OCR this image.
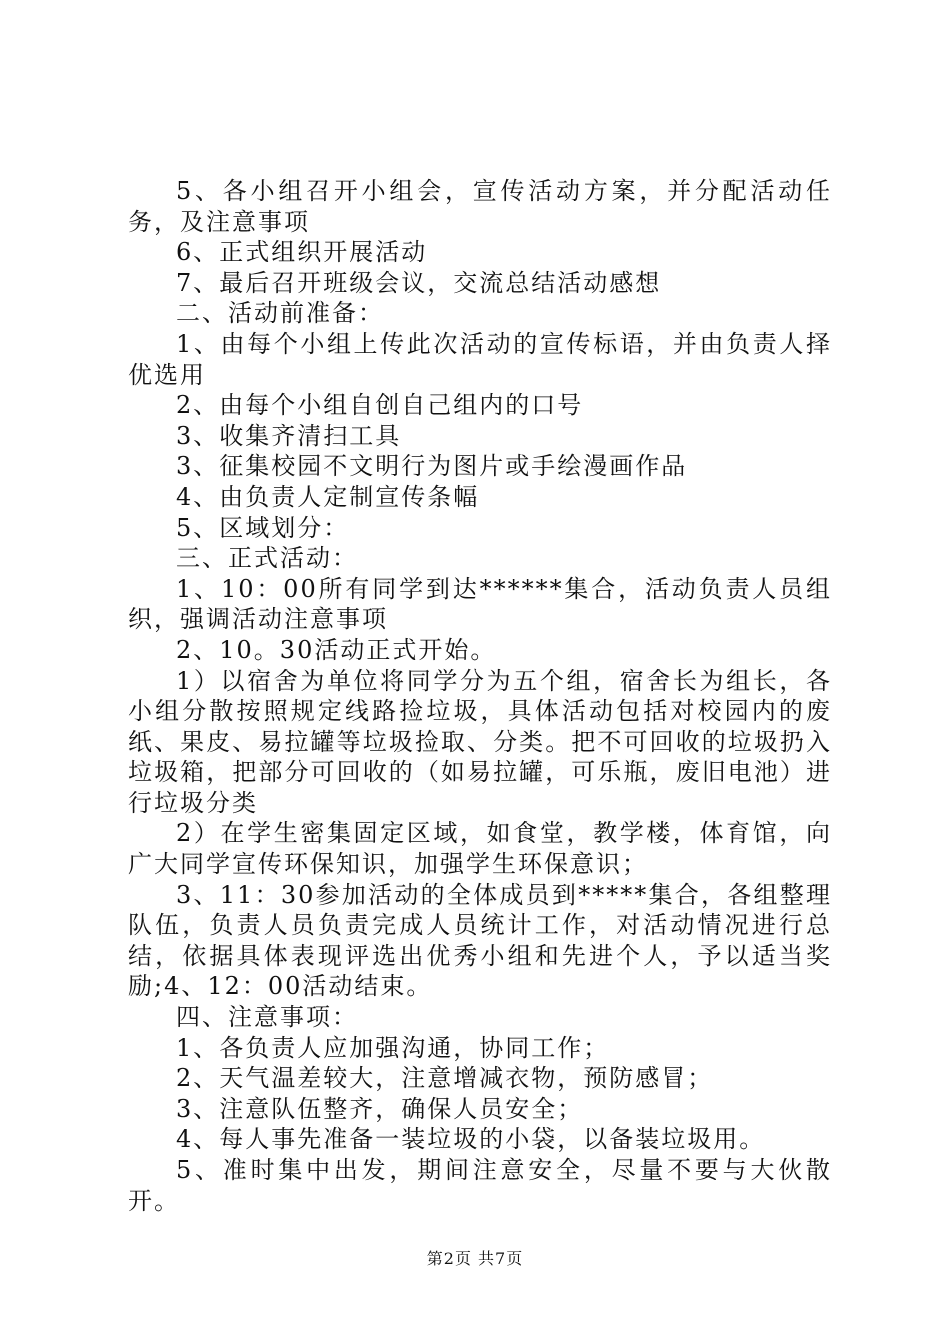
5、各小组召开小组会，宣传活动方案，并分配活动任务，及注意事项

6、正式组织开展活动

7、最后召开班级会议，交流总结活动感想

二、活动前准备：

1、由每个小组上传此次活动的宣传标语，并由负责人择优选用

2、由每个小组自创自己组内的口号

3、收集齐清扫工具

3、征集校园不文明行为图片或手绘漫画作品

4、由负责人定制宣传条幅

5、区域划分：

三、正式活动：

1、10：00所有同学到达******集合，活动负责人员组织，强调活动注意事项

2、10。30活动正式开始。

1）以宿舍为单位将同学分为五个组，宿舍长为组长，各小组分散按照规定线路捡垃圾，具体活动包括对校园内的废纸、果皮、易拉罐等垃圾捡取、分类。把不可回收的垃圾扔入垃圾箱，把部分可回收的（如易拉罐，可乐瓶，废旧电池）进行垃圾分类

2）在学生密集固定区域，如食堂，教学楼，体育馆，向广大同学宣传环保知识，加强学生环保意识；

3、11：30参加活动的全体成员到*****集合，各组整理队伍，负责人员负责完成人员统计工作，对活动情况进行总结，依据具体表现评选出优秀小组和先进个人，予以适当奖励;4、12：00活动结束。

四、注意事项：

1、各负责人应加强沟通，协同工作；

2、天气温差较大，注意增减衣物，预防感冒；

3、注意队伍整齐，确保人员安全；

4、每人事先准备一装垃圾的小袋，以备装垃圾用。

5、准时集中出发，期间注意安全，尽量不要与大伙散开。

第2页 共7页
